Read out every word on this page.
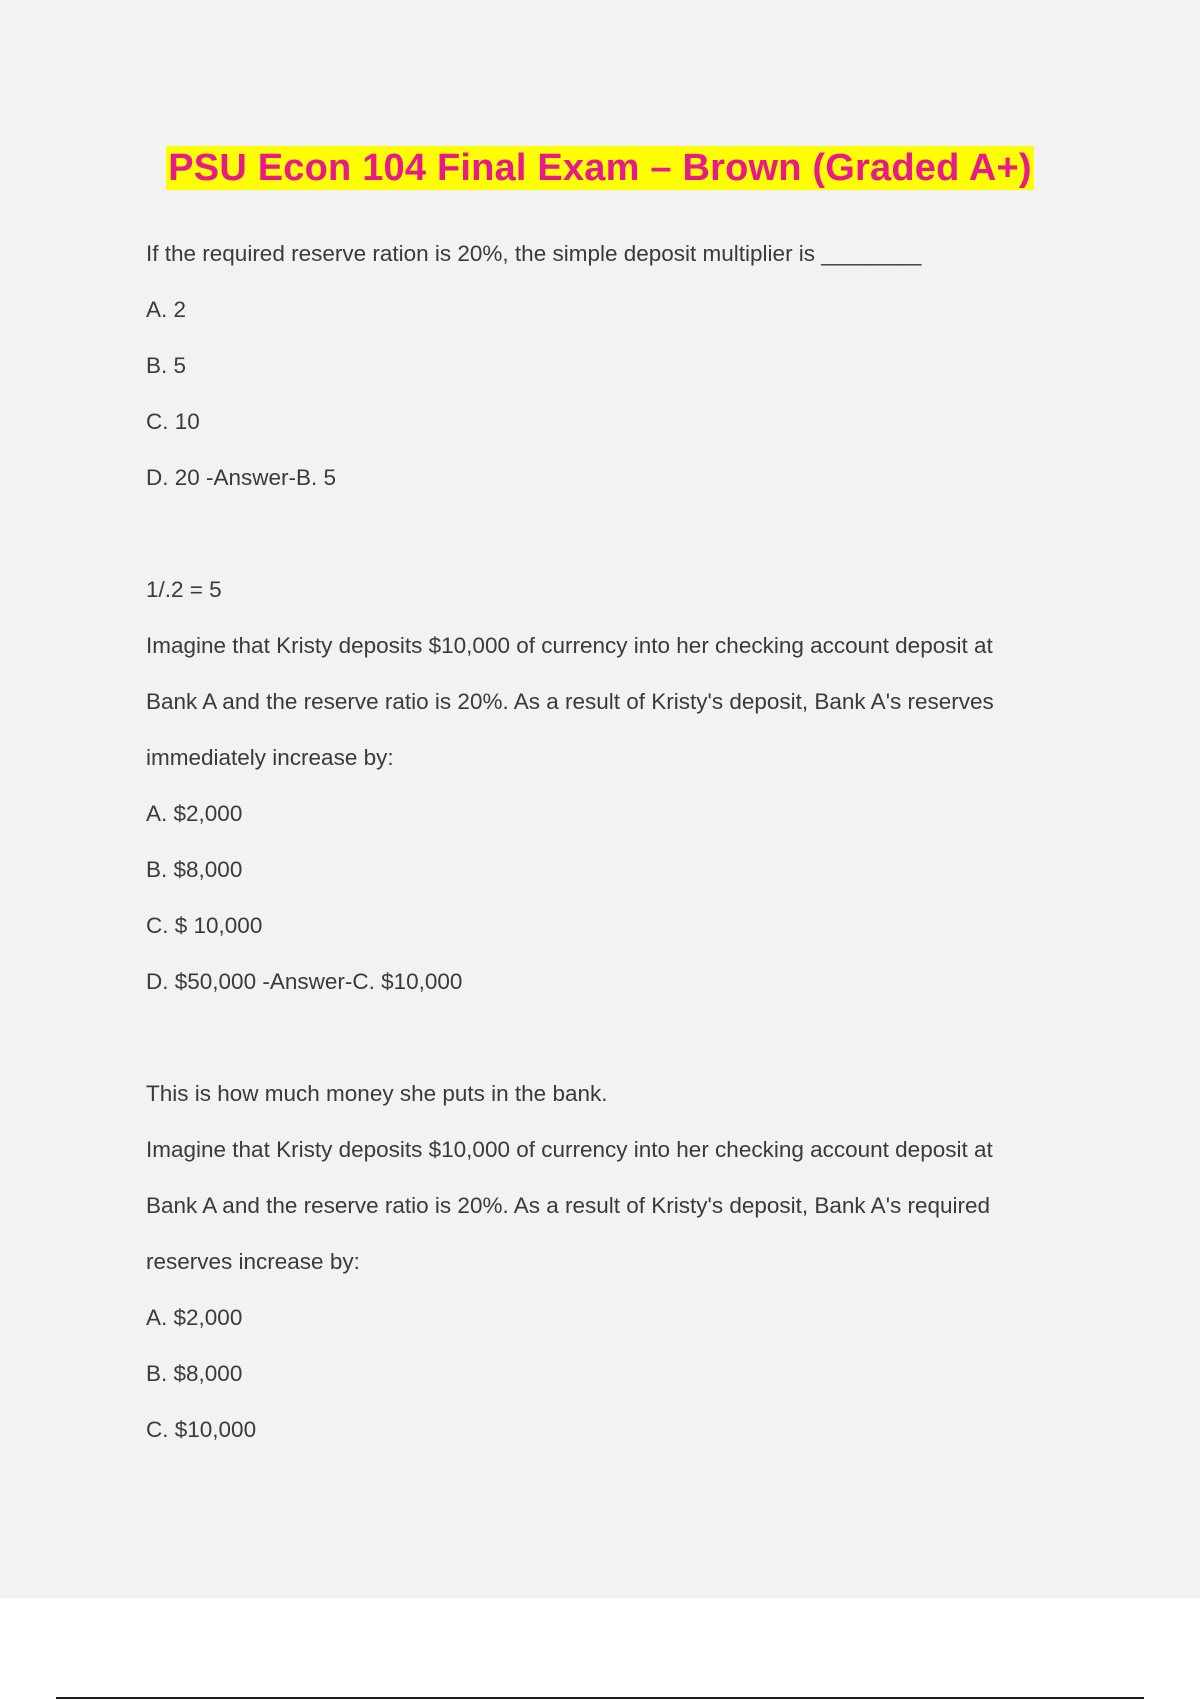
PSU Econ 104 Final Exam – Brown (Graded A+)

If the required reserve ration is 20%, the simple deposit multiplier is ________

A. 2

B. 5

C. 10

D. 20 -Answer-B. 5

1/.2 = 5

Imagine that Kristy deposits $10,000 of currency into her checking account deposit at

Bank A and the reserve ratio is 20%. As a result of Kristy's deposit, Bank A's reserves

immediately increase by:

A. $2,000

B. $8,000

C. $ 10,000

D. $50,000 -Answer-C. $10,000

This is how much money she puts in the bank.

Imagine that Kristy deposits $10,000 of currency into her checking account deposit at

Bank A and the reserve ratio is 20%. As a result of Kristy's deposit, Bank A's required

reserves increase by:

A. $2,000

B. $8,000

C. $10,000
